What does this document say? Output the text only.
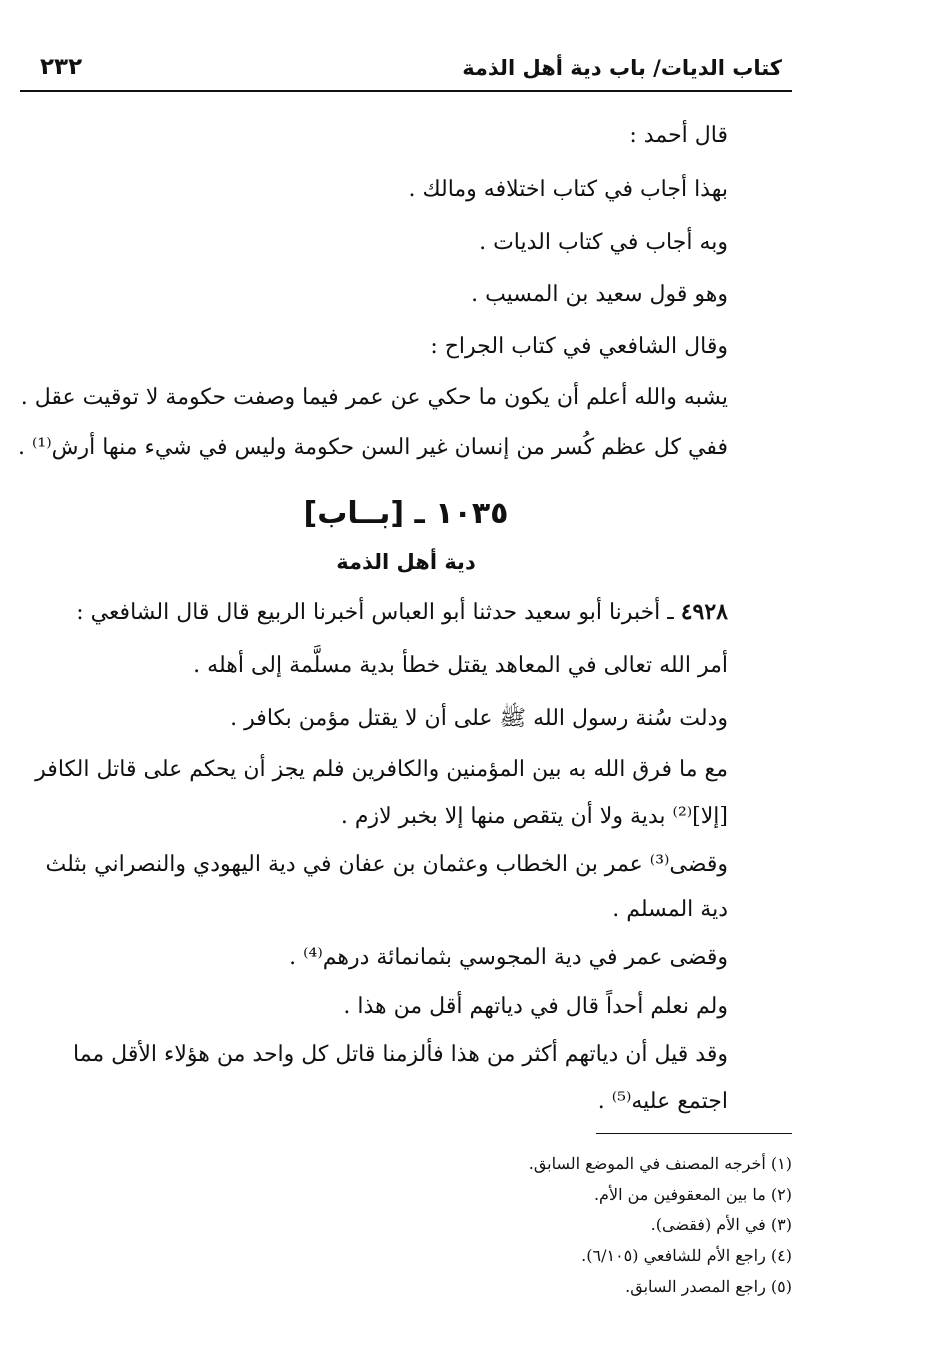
كتاب الديات/ باب دية أهل الذمة
٢٣٢
قال أحمد :
بهذا أجاب في كتاب اختلافه ومالك .
وبه أجاب في كتاب الديات .
وهو قول سعيد بن المسيب .
وقال الشافعي في كتاب الجراح :
يشبه والله أعلم أن يكون ما حكي عن عمر فيما وصفت حكومة لا توقيت عقل .
ففي كل عظم كُسر من إنسان غير السن حكومة وليس في شيء منها أرش⁽¹⁾ .
١٠٣٥ ـ [بــاب]
دية أهل الذمة
٤٩٢٨ ـ أخبرنا أبو سعيد حدثنا أبو العباس أخبرنا الربيع قال قال الشافعي :
أمر الله تعالى في المعاهد يقتل خطأ بدية مسلَّمة إلى أهله .
ودلت سُنة رسول الله ﷺ على أن لا يقتل مؤمن بكافر .
مع ما فرق الله به بين المؤمنين والكافرين فلم يجز أن يحكم على قاتل الكافر
[إلا]⁽²⁾ بدية ولا أن يتقص منها إلا بخبر لازم .
وقضى⁽³⁾ عمر بن الخطاب وعثمان بن عفان في دية اليهودي والنصراني بثلث
دية المسلم .
وقضى عمر في دية المجوسي بثمانمائة درهم⁽⁴⁾ .
ولم نعلم أحداً قال في دياتهم أقل من هذا .
وقد قيل أن دياتهم أكثر من هذا فألزمنا قاتل كل واحد من هؤلاء الأقل مما
اجتمع عليه⁽⁵⁾ .
(١) أخرجه المصنف في الموضع السابق.
(٢) ما بين المعقوفين من الأم.
(٣) في الأم (فقضى).
(٤) راجع الأم للشافعي (٦/١٠٥).
(٥) راجع المصدر السابق.
